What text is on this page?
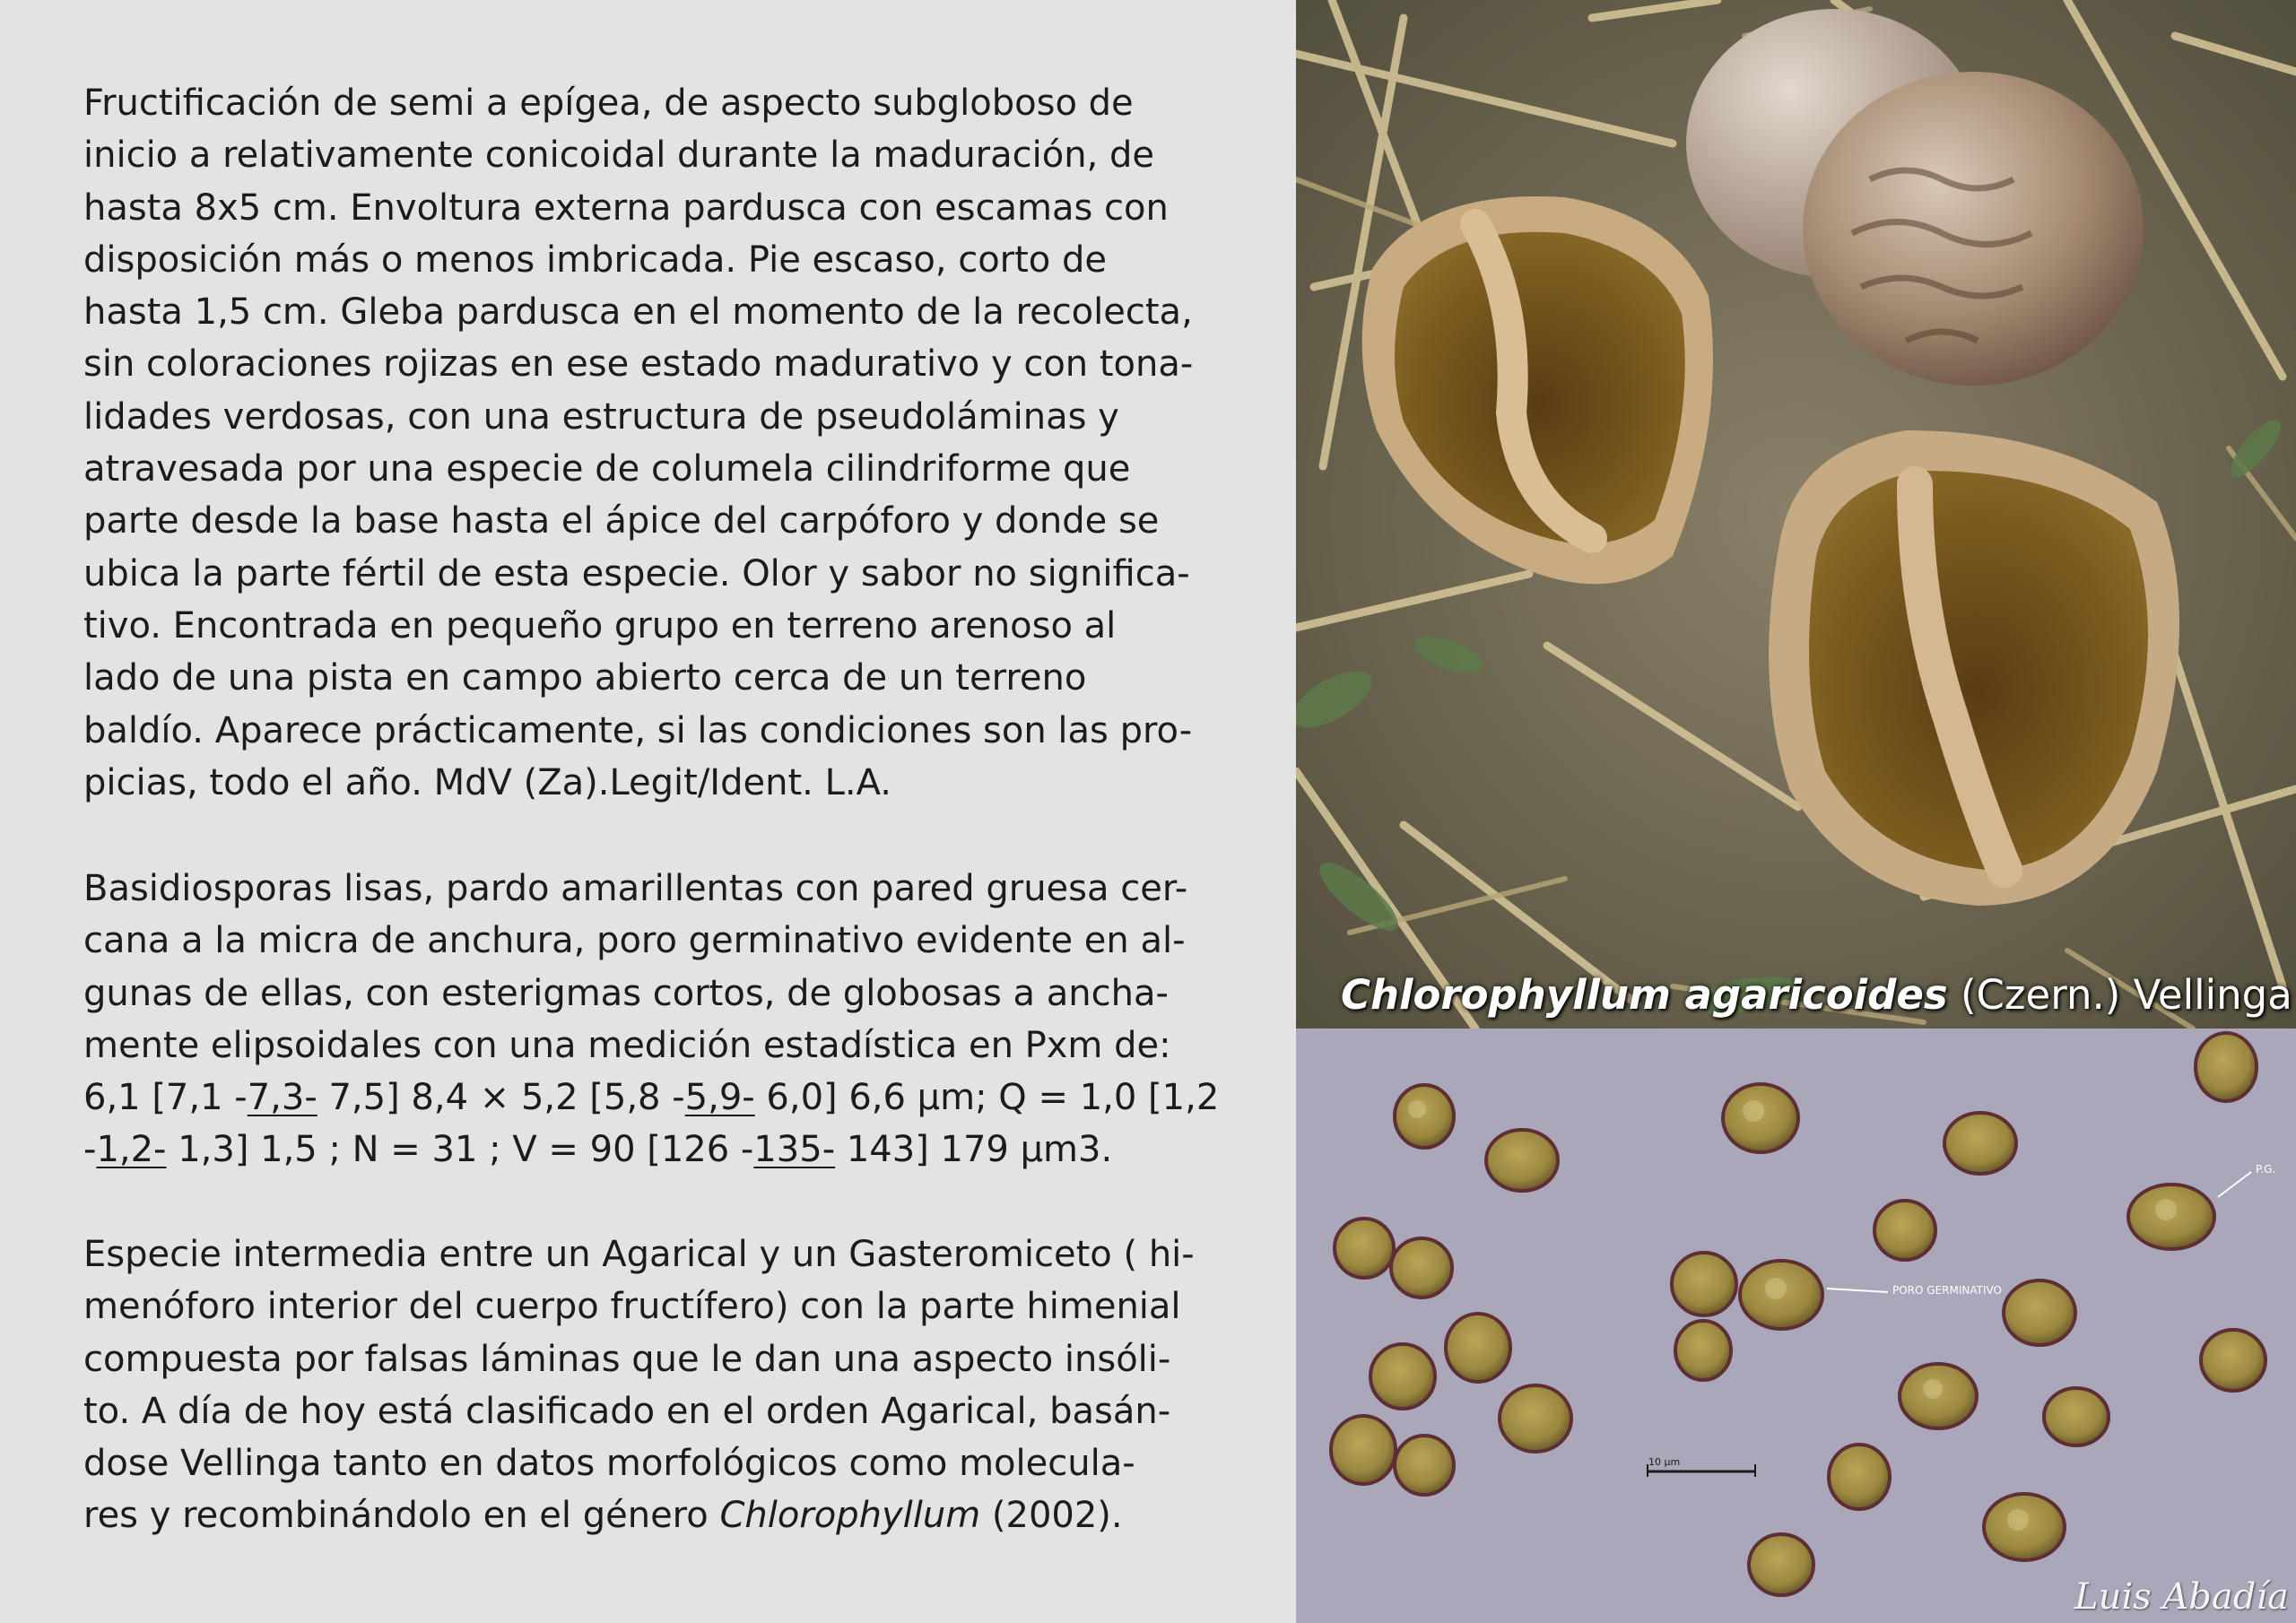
Fructificación de semi a epígea, de aspecto subgloboso de
inicio a relativamente conicoidal durante la maduración, de
hasta 8x5 cm. Envoltura externa pardusca con escamas con
disposición más o menos imbricada. Pie escaso, corto de
hasta 1,5 cm. Gleba pardusca en el momento de la recolecta,
sin coloraciones rojizas en ese estado madurativo y con tona-
lidades verdosas, con una estructura de pseudoláminas y
atravesada por una especie de columela cilindriforme que
parte desde la base hasta el ápice del carpóforo y donde se
ubica la parte fértil de esta especie. Olor y sabor no significa-
tivo. Encontrada en pequeño grupo en terreno arenoso al
lado de una pista en campo abierto cerca de un terreno
baldío. Aparece prácticamente, si las condiciones son las pro-
picias, todo el año. MdV (Za).Legit/Ident. L.A.

Basidiosporas lisas, pardo amarillentas con pared gruesa cer-
cana a la micra de anchura, poro germinativo evidente en al-
gunas de ellas, con esterigmas cortos, de globosas a ancha-
mente elipsoidales con una medición estadística en Pxm de:
6,1 [7,1 -7,3- 7,5] 8,4 × 5,2 [5,8 -5,9- 6,0] 6,6 µm; Q = 1,0 [1,2
-1,2- 1,3] 1,5 ; N = 31 ; V = 90 [126 -135- 143] 179 µm3.

Especie intermedia entre un Agarical y un Gasteromiceto ( hi-
menóforo interior del cuerpo fructífero) con la parte himenial
compuesta por falsas láminas que le dan una aspecto insóli-
to. A día de hoy está clasificado en el orden Agarical, basán-
dose Vellinga tanto en datos morfológicos como molecula-
res y recombinándolo en el género Chlorophyllum (2002).

Chlorophyllum agaricoides (Czern.) Vellinga
PORO GERMINATIVO
P.G.
10 µm
Luis Abadía
